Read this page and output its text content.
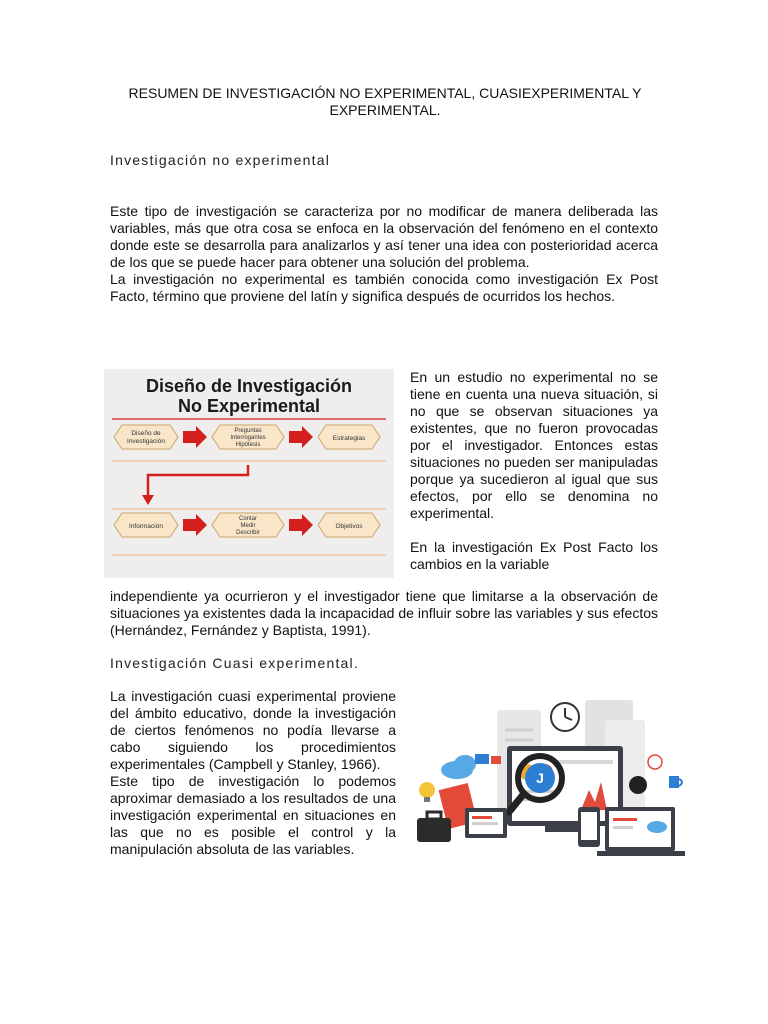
RESUMEN DE INVESTIGACIÓN NO EXPERIMENTAL, CUASIEXPERIMENTAL Y EXPERIMENTAL.
Investigación no experimental

Este tipo de investigación se caracteriza por no modificar de manera deliberada las variables, más que otra cosa se enfoca en la observación del fenómeno en el contexto donde este se desarrolla para analizarlos y así tener una idea con posterioridad acerca de los que se puede hacer para obtener una solución del problema.

La investigación no experimental es también conocida como investigación Ex Post Facto, término que proviene del latín y significa después de ocurridos los hechos.

Diseño de Investigación
No Experimental
Diseño de
Investigación
Preguntas
Interrogantes
Hipótesis
Estrategias
Información
Contar
Medir
Describir
Objetivos

En un estudio no experimental no se tiene en cuenta una nueva situación, si no que se observan situaciones ya existentes, que no fueron provocadas por el investigador. Entonces estas situaciones no pueden ser manipuladas porque ya sucedieron al igual que sus efectos, por ello se denomina no experimental.

En la investigación Ex Post Facto los cambios en la variable

independiente ya ocurrieron y el investigador tiene que limitarse a la observación de situaciones ya existentes dada la incapacidad de influir sobre las variables y sus efectos (Hernández, Fernández y Baptista, 1991).
Investigación Cuasi experimental.

La investigación cuasi experimental proviene del ámbito educativo, donde la investigación de ciertos fenómenos no podía llevarse a cabo siguiendo los procedimientos experimentales (Campbell y Stanley, 1966).

Este tipo de investigación lo podemos aproximar demasiado a los resultados de una investigación experimental en situaciones en las que no es posible el control y la manipulación absoluta de las variables.

J
